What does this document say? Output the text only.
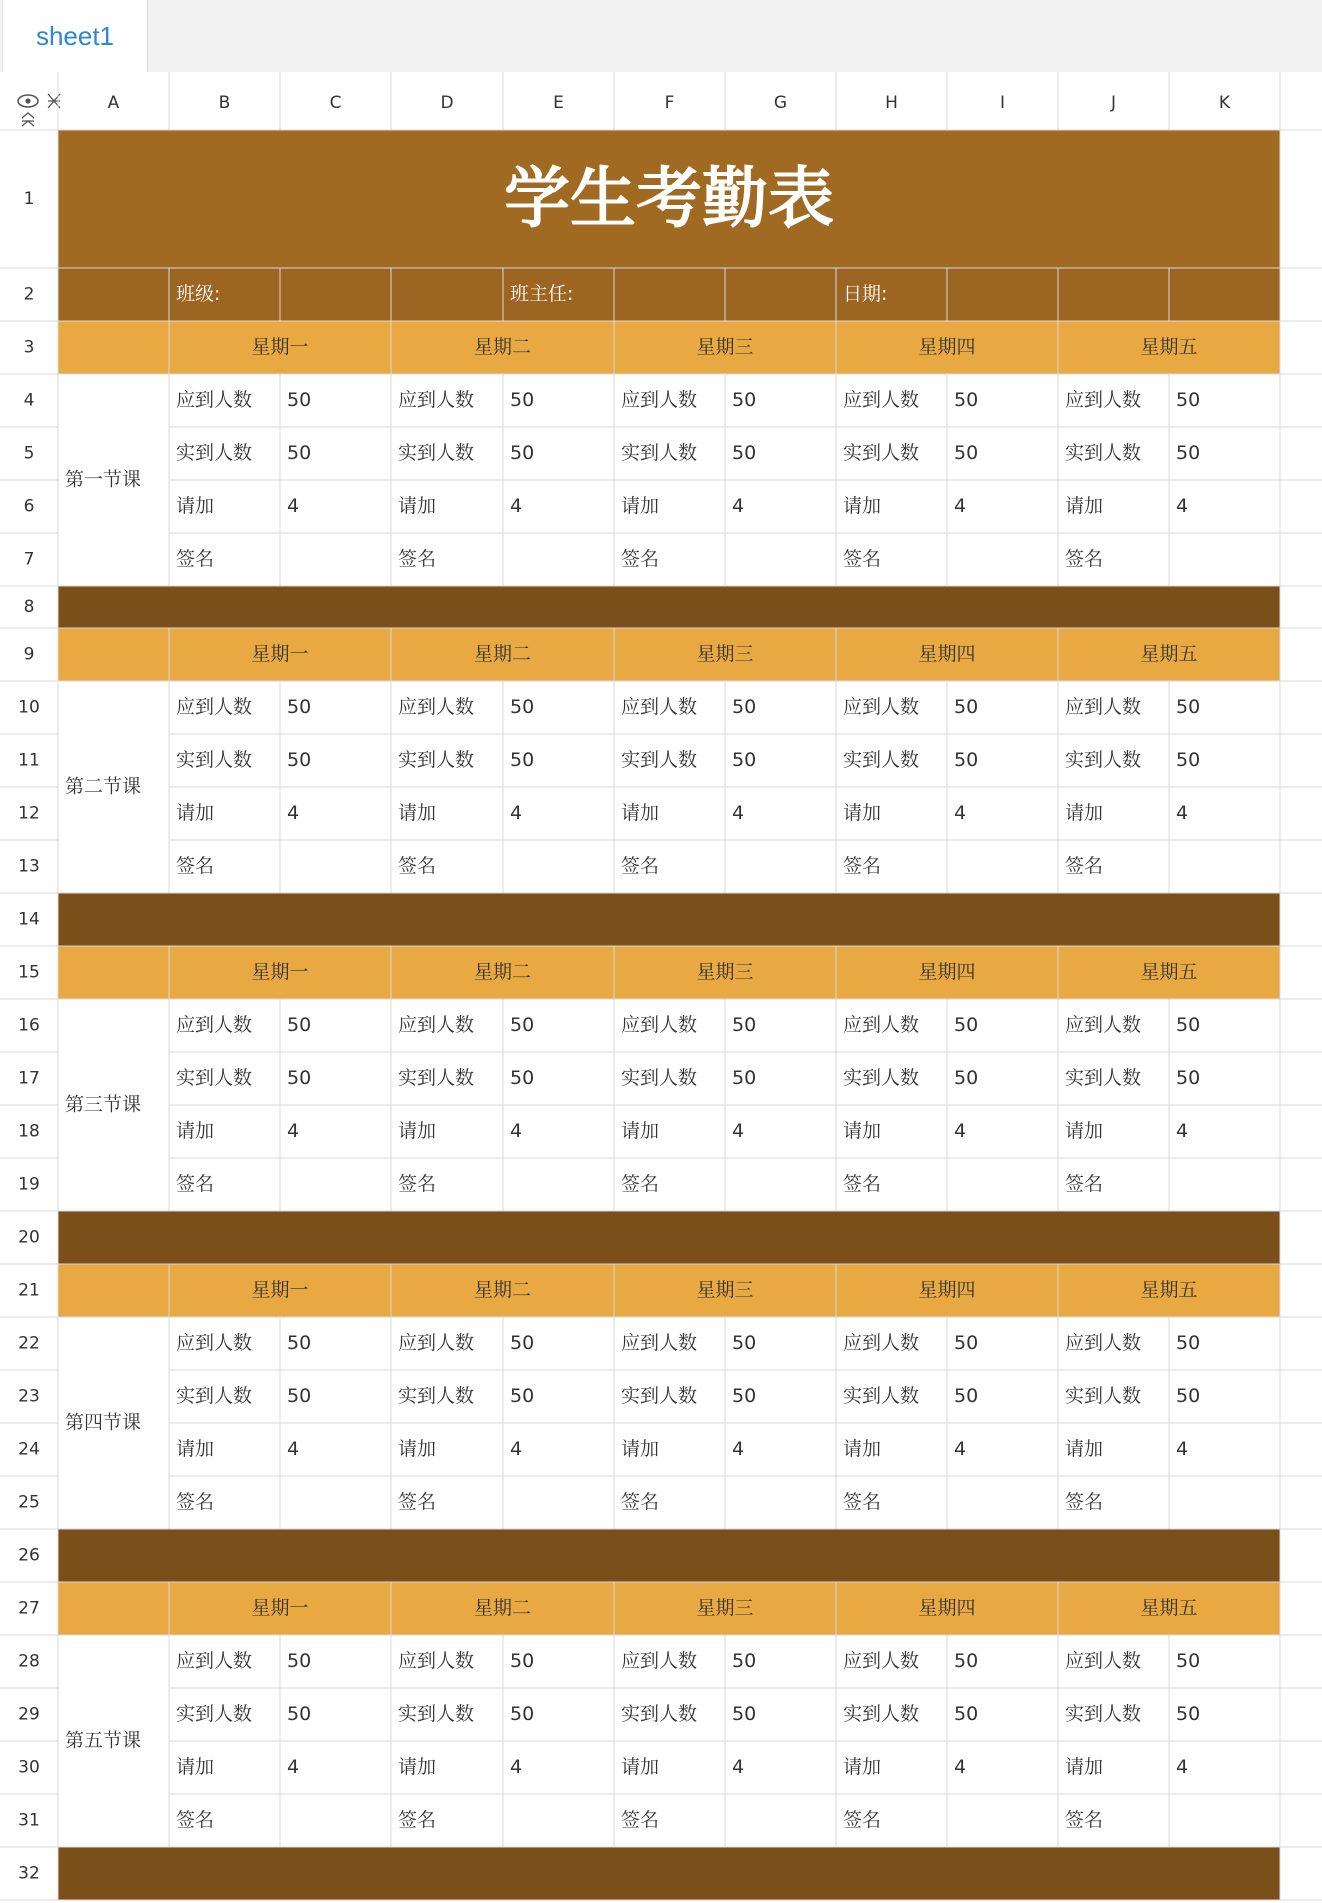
sheet1
A	B	C	D	E	F	G	H	I	J	K
1
2
3
4
5
6
7
8
9
10
11
12
13
14
15
16
17
18
19
20
21
22
23
24
25
26
27
28
29
30
31
32
学生考勤表
班级:	班主任:	日期:
星期一	星期二	星期三	星期四	星期五
星期一	星期二	星期三	星期四	星期五
星期一	星期二	星期三	星期四	星期五
星期一	星期二	星期三	星期四	星期五
星期一	星期二	星期三	星期四	星期五
第一节课
应到人数 50	应到人数 50	应到人数 50	应到人数 50	应到人数 50
实到人数 50	实到人数 50	实到人数 50	实到人数 50	实到人数 50
请加	4	请加	4	请加	4	请加	4	请加	4
签名	签名	签名	签名	签名
第二节课
应到人数 50	应到人数 50	应到人数 50	应到人数 50	应到人数 50
实到人数 50	实到人数 50	实到人数 50	实到人数 50	实到人数 50
请加	4	请加	4	请加	4	请加	4	请加	4
签名	签名	签名	签名	签名
第三节课
应到人数 50	应到人数 50	应到人数 50	应到人数 50	应到人数 50
实到人数 50	实到人数 50	实到人数 50	实到人数 50	实到人数 50
请加	4	请加	4	请加	4	请加	4	请加	4
签名	签名	签名	签名	签名
第四节课
应到人数 50	应到人数 50	应到人数 50	应到人数 50	应到人数 50
实到人数 50	实到人数 50	实到人数 50	实到人数 50	实到人数 50
请加	4	请加	4	请加	4	请加	4	请加	4
签名	签名	签名	签名	签名
第五节课
应到人数 50	应到人数 50	应到人数 50	应到人数 50	应到人数 50
实到人数 50	实到人数 50	实到人数 50	实到人数 50	实到人数 50
请加	4	请加	4	请加	4	请加	4	请加	4
签名	签名	签名	签名	签名
